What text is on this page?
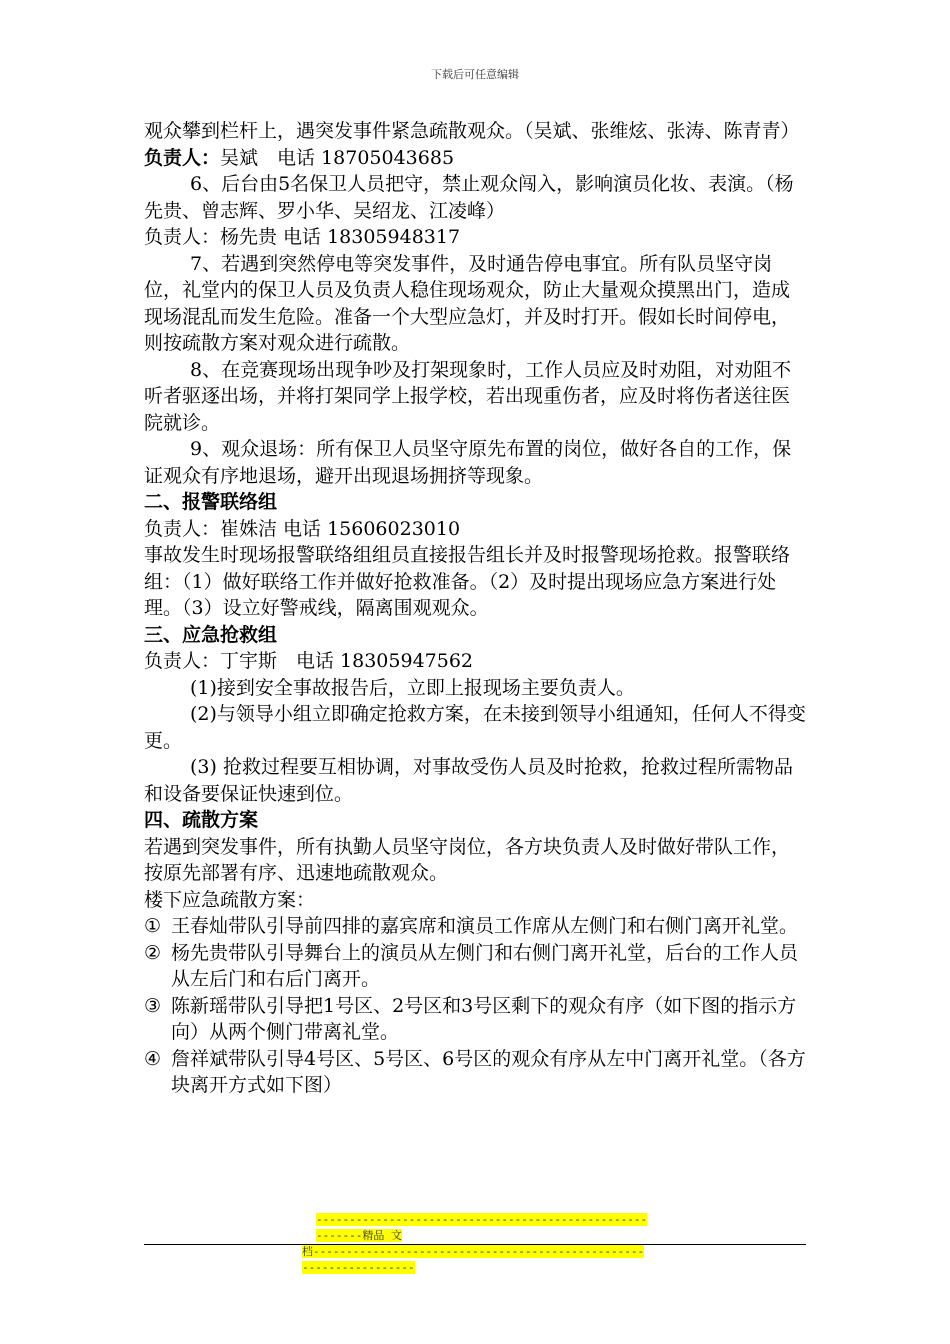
下载后可任意编辑

观众攀到栏杆上，遇突发事件紧急疏散观众。（吴斌、张维炫、张涛、陈青青）

负责人：吴斌　电话 18705043685

6、后台由5名保卫人员把守，禁止观众闯入，影响演员化妆、表演。（杨先贵、曾志辉、罗小华、吴绍龙、江凌峰）

负责人：杨先贵 电话 18305948317

7、若遇到突然停电等突发事件，及时通告停电事宜。所有队员坚守岗位，礼堂内的保卫人员及负责人稳住现场观众，防止大量观众摸黑出门，造成现场混乱而发生危险。准备一个大型应急灯，并及时打开。假如长时间停电，则按疏散方案对观众进行疏散。

8、在竞赛现场出现争吵及打架现象时，工作人员应及时劝阻，对劝阻不听者驱逐出场，并将打架同学上报学校，若出现重伤者，应及时将伤者送往医院就诊。

9、观众退场：所有保卫人员坚守原先布置的岗位，做好各自的工作，保证观众有序地退场，避开出现退场拥挤等现象。

二、报警联络组

负责人：崔姝洁 电话 15606023010

事故发生时现场报警联络组组员直接报告组长并及时报警现场抢救。报警联络组：（1）做好联络工作并做好抢救准备。（2）及时提出现场应急方案进行处理。（3）设立好警戒线，隔离围观观众。

三、应急抢救组

负责人：丁宇斯　电话 18305947562

(1)接到安全事故报告后，立即上报现场主要负责人。

(2)与领导小组立即确定抢救方案，在未接到领导小组通知，任何人不得变更。

(3) 抢救过程要互相协调，对事故受伤人员及时抢救，抢救过程所需物品和设备要保证快速到位。

四、疏散方案

若遇到突发事件，所有执勤人员坚守岗位，各方块负责人及时做好带队工作，按原先部署有序、迅速地疏散观众。

楼下应急疏散方案：

① 王春灿带队引导前四排的嘉宾席和演员工作席从左侧门和右侧门离开礼堂。
② 杨先贵带队引导舞台上的演员从左侧门和右侧门离开礼堂，后台的工作人员从左后门和右后门离开。
③ 陈新瑶带队引导把1号区、2号区和3号区剩下的观众有序（如下图的指示方向）从两个侧门带离礼堂。
④ 詹祥斌带队引导4号区、5号区、6号区的观众有序从左中门离开礼堂。（各方块离开方式如下图）
---------------------------------------------------------精品 文
档-------------------------------------------------------------------
